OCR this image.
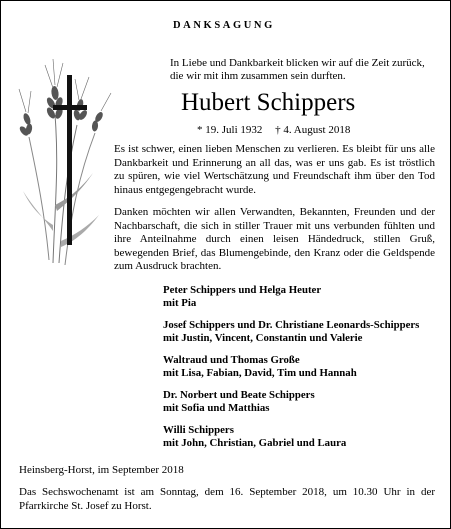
DANKSAGUNG
In Liebe und Dankbarkeit blicken wir auf die Zeit zurück,
die wir mit ihm zusammen sein durften.
Hubert Schippers
* 19. Juli 1932 † 4. August 2018
Es ist schwer, einen lieben Menschen zu verlieren. Es bleibt für uns alle Dankbarkeit und Erinnerung an all das, was er uns gab. Es ist tröstlich zu spüren, wie viel Wertschätzung und Freundschaft ihm über den Tod hinaus entgegengebracht wurde.
Danken möchten wir allen Verwandten, Bekannten, Freunden und der Nachbarschaft, die sich in stiller Trauer mit uns verbunden fühlten und ihre Anteilnahme durch einen leisen Händedruck, stillen Gruß, bewegenden Brief, das Blumengebinde, den Kranz oder die Geldspende zum Ausdruck brachten.
Peter Schippers und Helga Heuter
mit Pia
Josef Schippers und Dr. Christiane Leonards-Schippers
mit Justin, Vincent, Constantin und Valerie
Waltraud und Thomas Große
mit Lisa, Fabian, David, Tim und Hannah
Dr. Norbert und Beate Schippers
mit Sofia und Matthias
Willi Schippers
mit John, Christian, Gabriel und Laura
Heinsberg-Horst, im September 2018
Das Sechswochenamt ist am Sonntag, dem 16. September 2018, um 10.30 Uhr in der Pfarrkirche St. Josef zu Horst.
